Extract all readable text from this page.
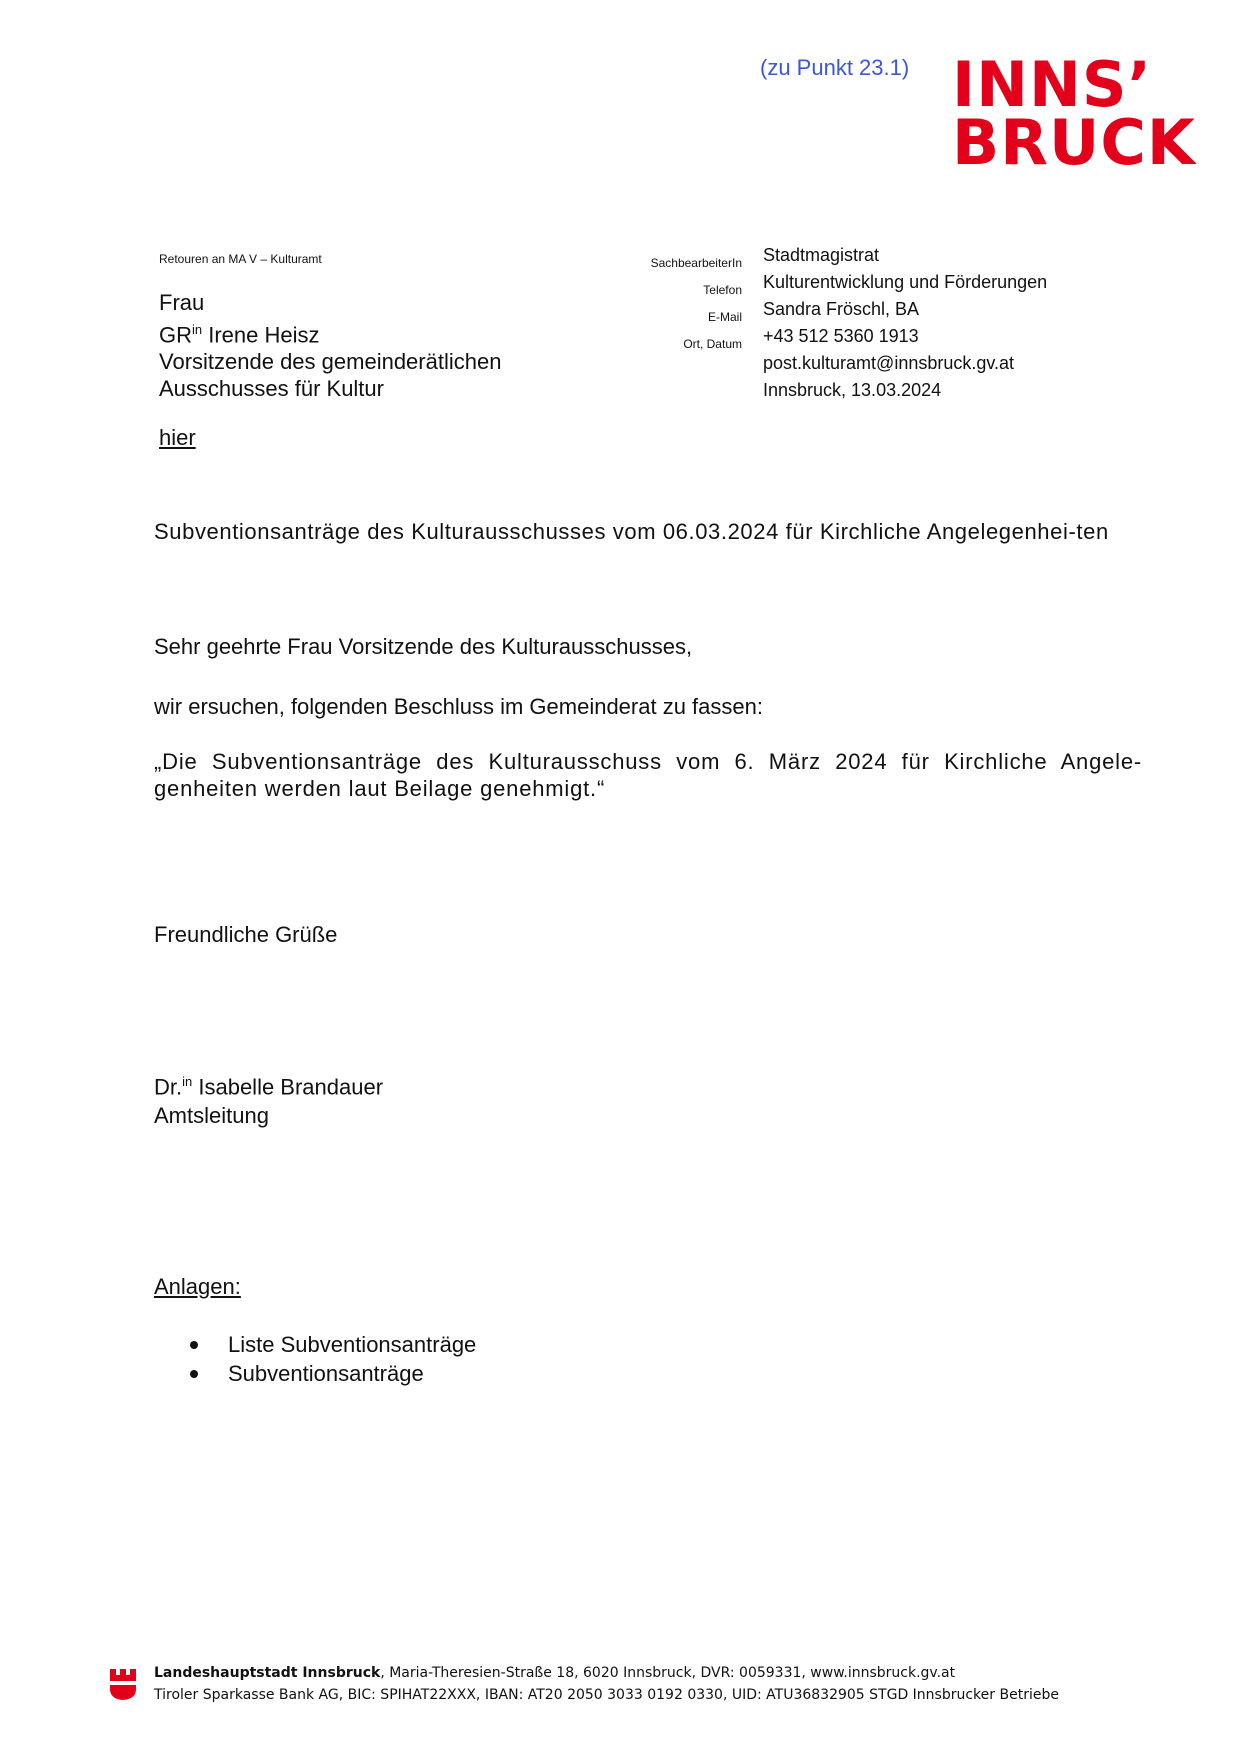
(zu Punkt 23.1) INNS’
BRUCK
Retouren an MA V – Kulturamt
Frau
$GR^{in}$ Irene Heisz
Vorsitzende des gemeinderätlichen
Ausschusses für Kultur
hier
SachbearbeiterIn
Telefon
E-Mail
Ort, Datum
Stadtmagistrat
Kulturentwicklung und Förderungen
Sandra Fröschl, BA
+43 512 5360 1913
post.kulturamt@innsbruck.gv.at
Innsbruck, 13.03.2024
Subventionsanträge des Kulturausschusses vom 06.03.2024 für Kirchliche Angelegenhei-ten
Sehr geehrte Frau Vorsitzende des Kulturausschusses,
wir ersuchen, folgenden Beschluss im Gemeinderat zu fassen:
„Die Subventionsanträge des Kulturausschuss vom 6. März 2024 für Kirchliche Angele-genheiten werden laut Beilage genehmigt.“
Freundliche Grüße
Dr.$^{in}$ Isabelle Brandauer
Amtsleitung
Anlagen:
Liste Subventionsanträge
Subventionsanträge
Landeshauptstadt Innsbruck, Maria-Theresien-Straße 18, 6020 Innsbruck, DVR: 0059331, www.innsbruck.gv.at
Tiroler Sparkasse Bank AG, BIC: SPIHAT22XXX, IBAN: AT20 2050 3033 0192 0330, UID: ATU36832905 STGD Innsbrucker Betriebe
